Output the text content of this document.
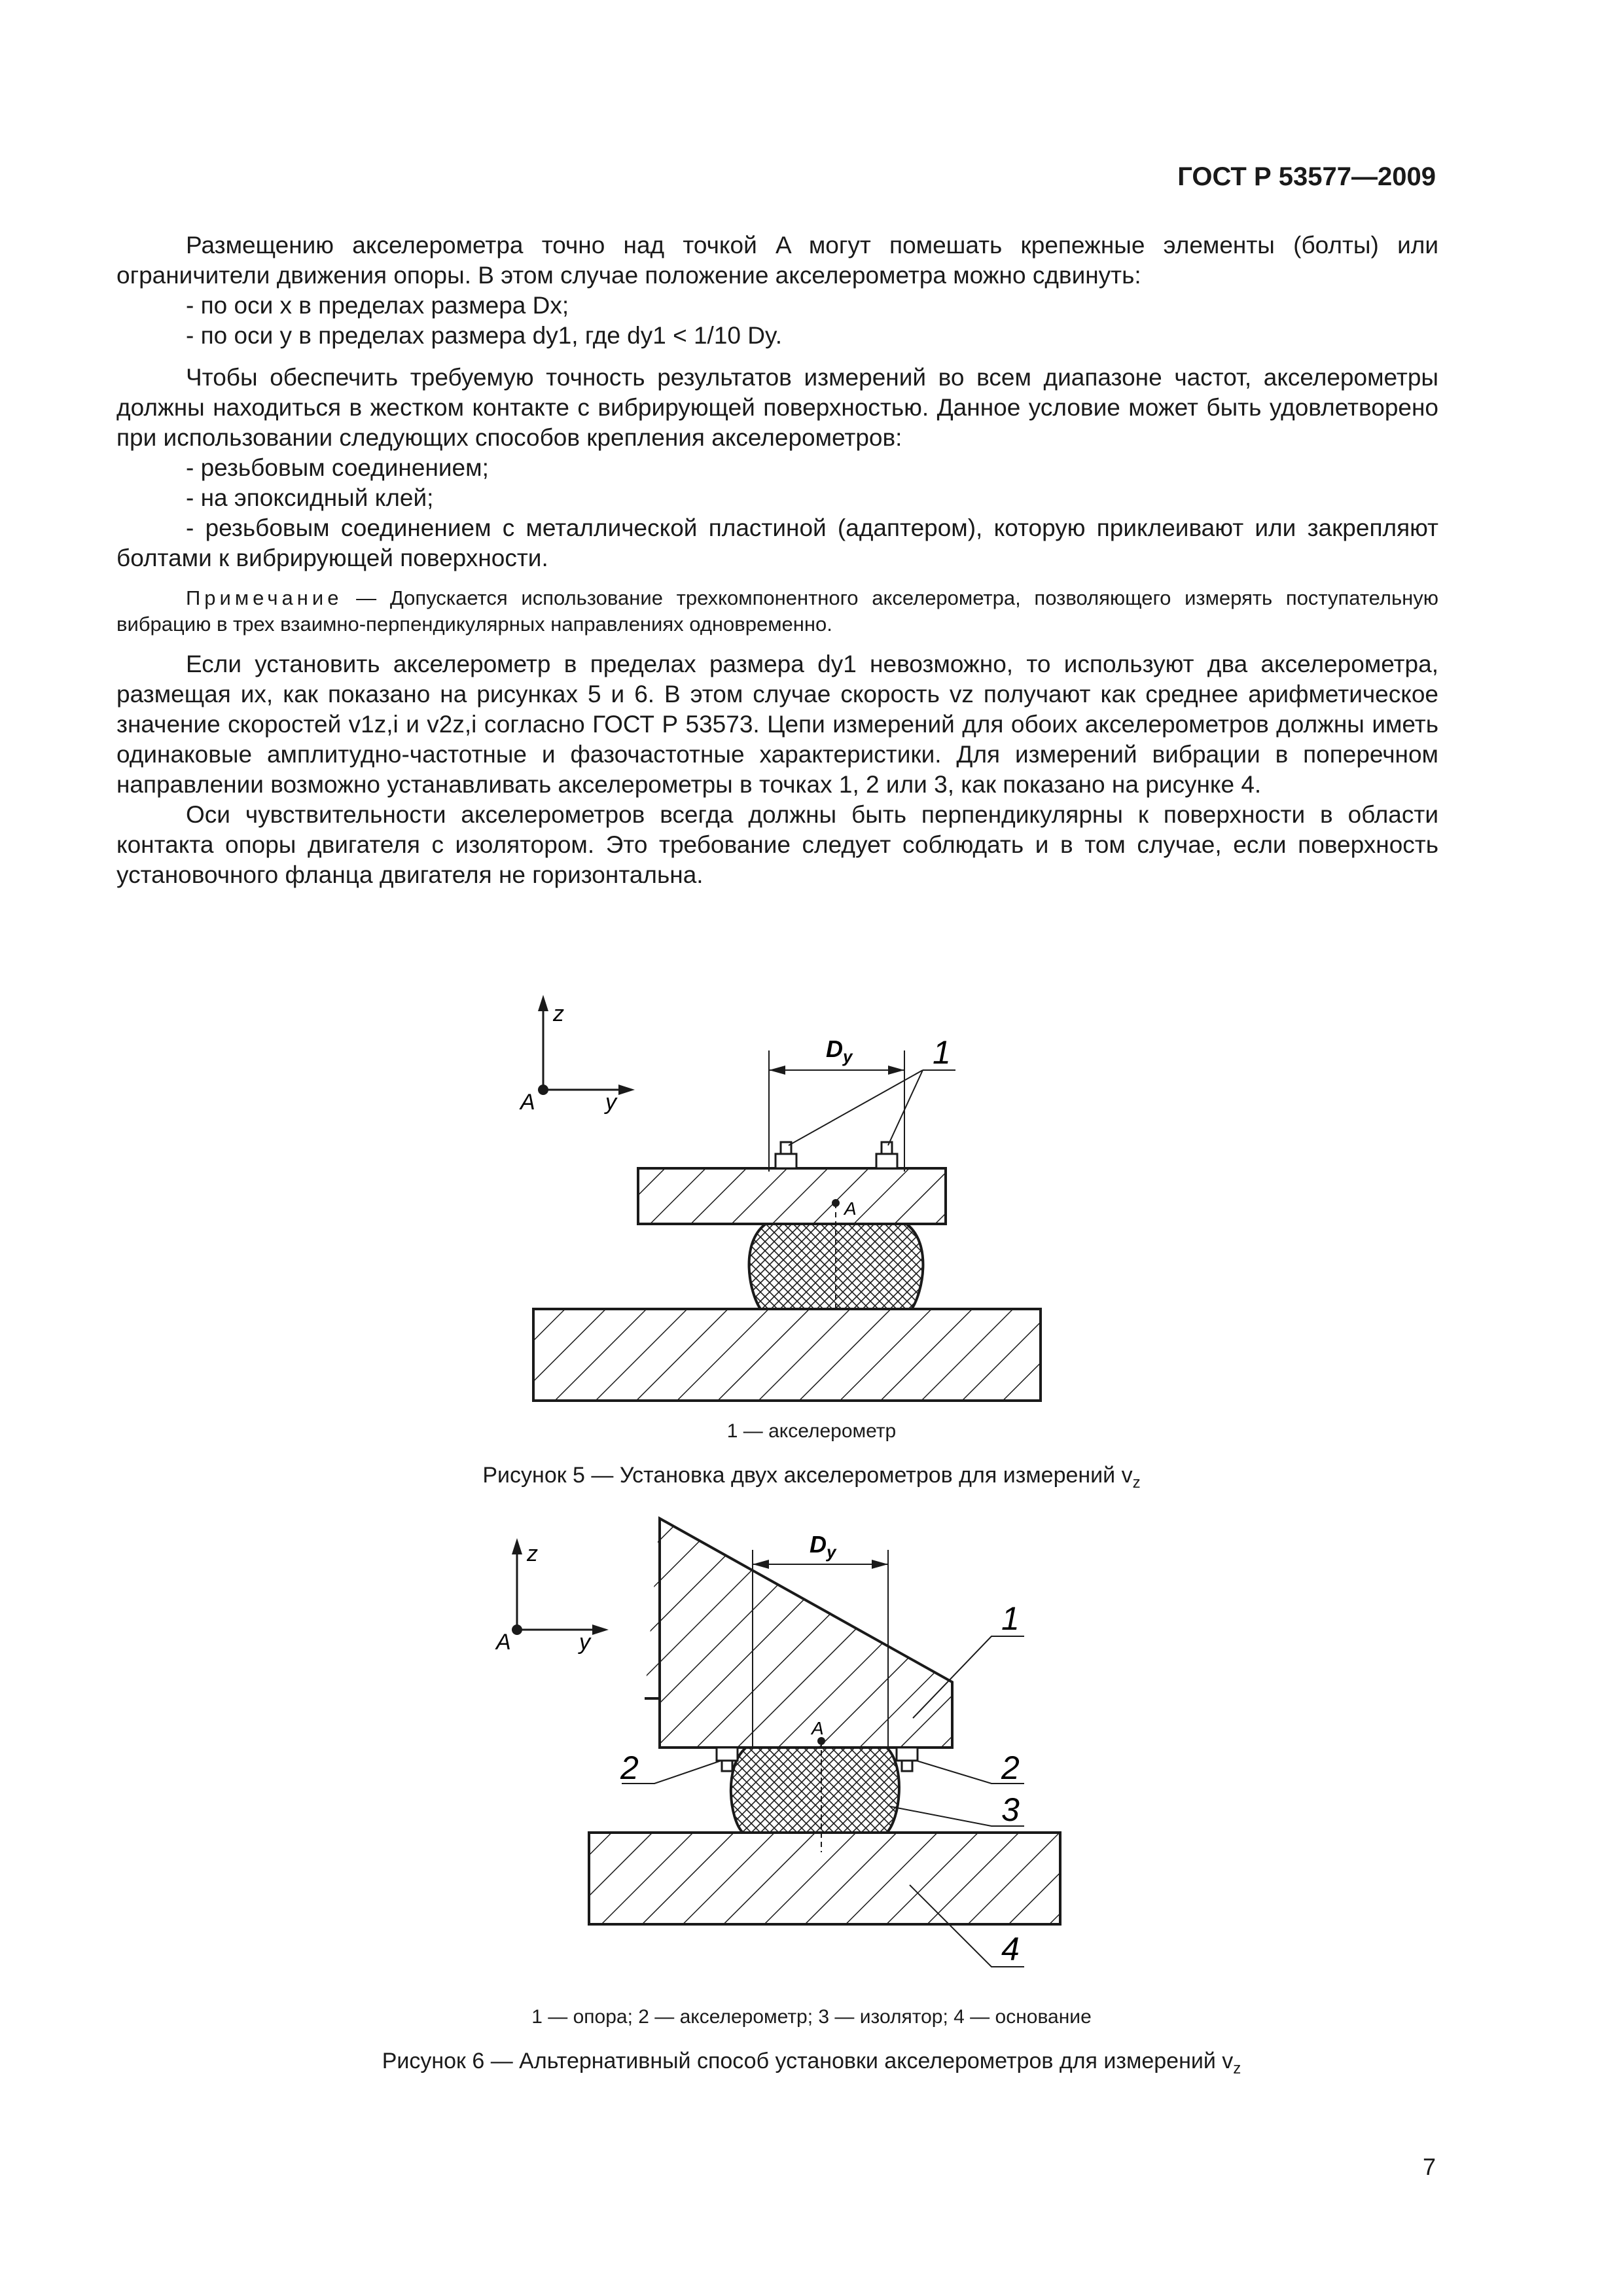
ГОСТ Р 53577—2009

Размещению акселерометра точно над точкой A могут помешать крепежные элементы (болты) или ограничители движения опоры. В этом случае положение акселерометра можно сдвинуть:

- по оси x в пределах размера Dx;

- по оси y в пределах размера dy1, где dy1 < 1/10 Dy.

Чтобы обеспечить требуемую точность результатов измерений во всем диапазоне частот, акселерометры должны находиться в жестком контакте с вибрирующей поверхностью. Данное условие может быть удовлетворено при использовании следующих способов крепления акселерометров:

- резьбовым соединением;

- на эпоксидный клей;

- резьбовым соединением с металлической пластиной (адаптером), которую приклеивают или закрепляют болтами к вибрирующей поверхности.

Примечание — Допускается использование трехкомпонентного акселерометра, позволяющего измерять поступательную вибрацию в трех взаимно-перпендикулярных направлениях одновременно.

Если установить акселерометр в пределах размера dy1 невозможно, то используют два акселерометра, размещая их, как показано на рисунках 5 и 6. В этом случае скорость vz получают как среднее арифметическое значение скоростей v1z,i и v2z,i согласно ГОСТ Р 53573. Цепи измерений для обоих акселерометров должны иметь одинаковые амплитудно-частотные и фазочастотные характеристики. Для измерений вибрации в поперечном направлении возможно устанавливать акселерометры в точках 1, 2 или 3, как показано на рисунке 4.

Оси чувствительности акселерометров всегда должны быть перпендикулярны к поверхности в области контакта опоры двигателя с изолятором. Это требование следует соблюдать и в том случае, если поверхность установочного фланца двигателя не горизонтальна.

z
y
A
A
$D_y$ 1
1 — акселерометр
Рисунок 5 — Установка двух акселерометров для измерений $v_z$
z
y
A
A
$D_y$
1
2	2
3
4
1 — опора; 2 — акселерометр; 3 — изолятор; 4 — основание
Рисунок 6 — Альтернативный способ установки акселерометров для измерений $v_z$
7
